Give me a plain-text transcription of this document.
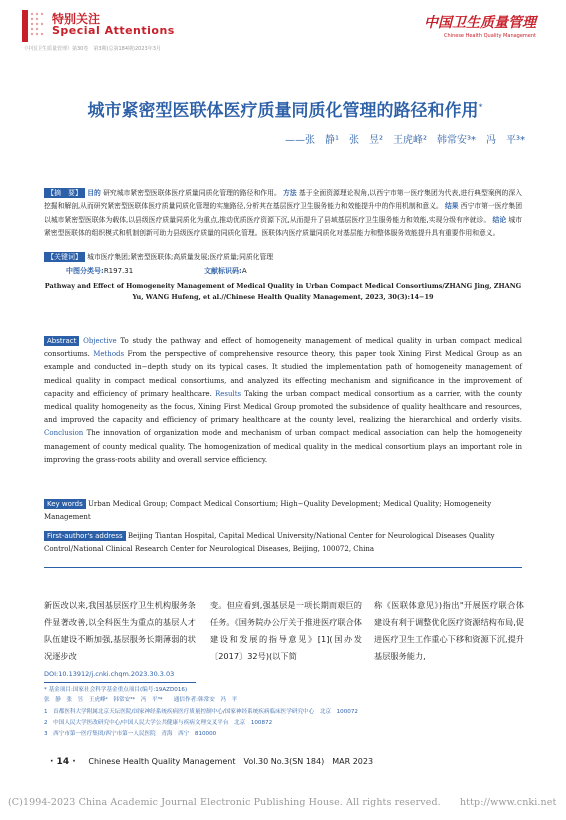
特别关注
Special Attentions	中国卫生质量管理
Chinese Health Quality Management
《中国卫生质量管理》第30卷　第3期(总第184期)2023年3月
城市紧密型医联体医疗质量同质化管理的路径和作用*
——张　静¹　张　昱²　王虎峰²　韩常安³*　冯　平³*
【摘　要】 目的 研究城市紧密型医联体医疗质量同质化管理的路径和作用。 方法 基于全面资源理论视角,以西宁市第一医疗集团为代表,进行典型案例的深入挖掘和解剖,从而研究紧密型医联体医疗质量同质化管理的实施路径,分析其在基层医疗卫生服务能力和效能提升中的作用机制和意义。 结果 西宁市第一医疗集团以城市紧密型医联体为载体,以县级医疗质量同质化为重点,推动优质医疗资源下沉,从而提升了县域基层医疗卫生服务能力和效能,实现分级有序就诊。 结论 城市紧密型医联体的组织模式和机制创新可助力县级医疗质量的同质化管理。医联体内医疗质量同质化对基层能力和整体服务效能提升具有重要作用和意义。
【关键词】 城市医疗集团;紧密型医联体;高质量发展;医疗质量;同质化管理
中图分类号:R197.31	文献标识码:A
Pathway and Effect of Homogeneity Management of Medical Quality in Urban Compact Medical Consortiums/ZHANG Jing, ZHANG Yu, WANG Hufeng, et al.//Chinese Health Quality Management, 2023, 30(3):14−19
Abstract Objective To study the pathway and effect of homogeneity management of medical quality in urban compact medical consortiums. Methods From the perspective of comprehensive resource theory, this paper took Xining First Medical Group as an example and conducted in−depth study on its typical cases. It studied the implementation path of homogeneity management of medical quality in compact medical consortiums, and analyzed its effecting mechanism and significance in the improvement of capacity and efficiency of primary healthcare. Results Taking the urban compact medical consortium as a carrier, with the county medical quality homogeneity as the focus, Xining First Medical Group promoted the subsidence of quality healthcare and resources, and improved the capacity and efficiency of primary healthcare at the county level, realizing the hierarchical and orderly visits. Conclusion The innovation of organization mode and mechanism of urban compact medical association can help the homogeneity management of county medical quality. The homogenization of medical quality in the medical consortium plays an important role in improving the grass-roots ability and overall service efficiency.
Key words Urban Medical Group; Compact Medical Consortium; High−Quality Development; Medical Quality; Homogeneity Management
First-author's address Beijing Tiantan Hospital, Capital Medical University/National Center for Neurological Diseases Quality Control/National Clinical Research Center for Neurological Diseases, Beijing, 100072, China
新医改以来,我国基层医疗卫生机构服务条件显著改善,以全科医生为重点的基层人才队伍建设不断加强,基层服务长期薄弱的状况逐步改
变。但应看到,强基层是一项长期而艰巨的任务。《国务院办公厅关于推进医疗联合体建设和发展的指导意见》[1](国办发〔2017〕32号)(以下简
称《医联体意见》)指出"开展医疗联合体建设有利于调整优化医疗资源结构布局,促进医疗卫生工作重心下移和资源下沉,提升基层服务能力,
DOI:10.13912/j.cnki.chqm.2023.30.3.03
* 基金项目:国家社会科学基金重点项目(编号:19AZD016)
张　静　张　昱　王虎峰²　韩常安³*　冯　平³*　　通信作者:韩常安　冯　平
1　首都医科大学附属北京天坛医院/国家神经系统疾病医疗质量控制中心/国家神经系统疾病临床医学研究中心　北京　100072
2　中国人民大学医改研究中心/中国人民大学公共健康与疾病文理交叉平台　北京　100872
3　西宁市第一医疗集团/西宁市第一人民医院　青海　西宁　810000
· 14 · Chinese Health Quality Management　Vol.30 No.3(SN 184)　MAR 2023
(C)1994-2023 China Academic Journal Electronic Publishing House. All rights reserved.　　http://www.cnki.net
